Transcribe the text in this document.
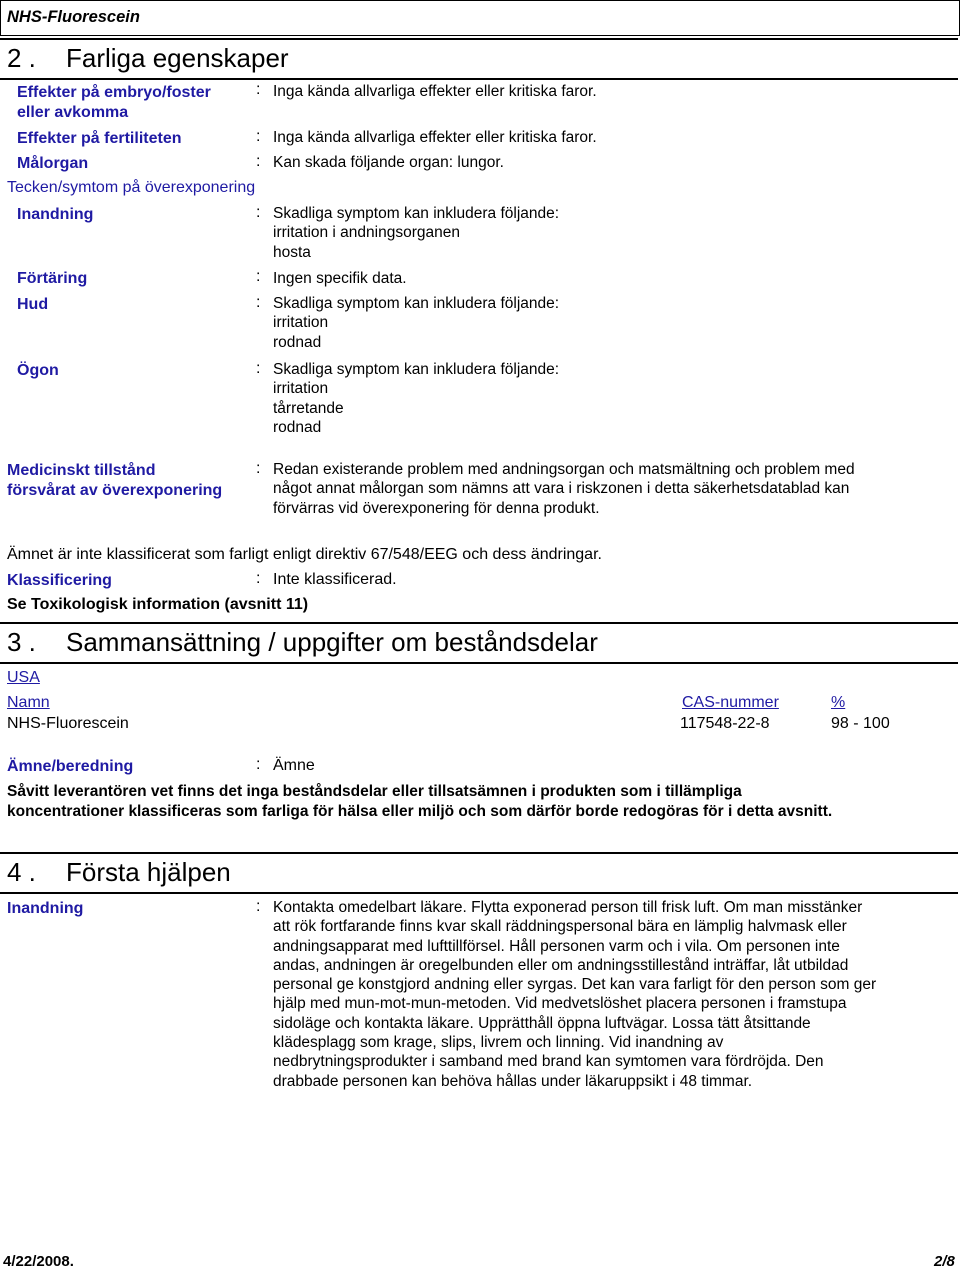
NHS-Fluorescein
2 . Farliga egenskaper
Effekter på embryo/foster
eller avkomma
: Inga kända allvarliga effekter eller kritiska faror.
Effekter på fertiliteten	: Inga kända allvarliga effekter eller kritiska faror.
Målorgan	: Kan skada följande organ: lungor.
Tecken/symtom på överexponering
Inandning	: Skadliga symptom kan inkludera följande:
irritation i andningsorganen
hosta
Förtäring	: Ingen specifik data.
Hud	: Skadliga symptom kan inkludera följande:
irritation
rodnad
Ögon	: Skadliga symptom kan inkludera följande:
irritation
tårretande
rodnad
Medicinskt tillstånd
försvårat av överexponering
: Redan existerande problem med andningsorgan och matsmältning och problem med
något annat målorgan som nämns att vara i riskzonen i detta säkerhetsdatablad kan
förvärras vid överexponering för denna produkt.
Ämnet är inte klassificerat som farligt enligt direktiv 67/548/EEG och dess ändringar.
Klassificering	: Inte klassificerad.
Se Toxikologisk information (avsnitt 11)
3 . Sammansättning / uppgifter om beståndsdelar
USA
Namn	CAS-nummer	%
NHS-Fluorescein	117548-22-8	98 - 100
Ämne/beredning	: Ämne
Såvitt leverantören vet finns det inga beståndsdelar eller tillsatsämnen i produkten som i tillämpliga
koncentrationer klassificeras som farliga för hälsa eller miljö och som därför borde redogöras för i detta avsnitt.
4 . Första hjälpen
Inandning	: Kontakta omedelbart läkare. Flytta exponerad person till frisk luft. Om man misstänker
att rök fortfarande finns kvar skall räddningspersonal bära en lämplig halvmask eller
andningsapparat med lufttillförsel. Håll personen varm och i vila. Om personen inte
andas, andningen är oregelbunden eller om andningsstillestånd inträffar, låt utbildad
personal ge konstgjord andning eller syrgas. Det kan vara farligt för den person som ger
hjälp med mun-mot-mun-metoden. Vid medvetslöshet placera personen i framstupa
sidoläge och kontakta läkare. Upprätthåll öppna luftvägar. Lossa tätt åtsittande
klädesplagg som krage, slips, livrem och linning. Vid inandning av
nedbrytningsprodukter i samband med brand kan symtomen vara fördröjda. Den
drabbade personen kan behöva hållas under läkaruppsikt i 48 timmar.
4/22/2008.	2/8
